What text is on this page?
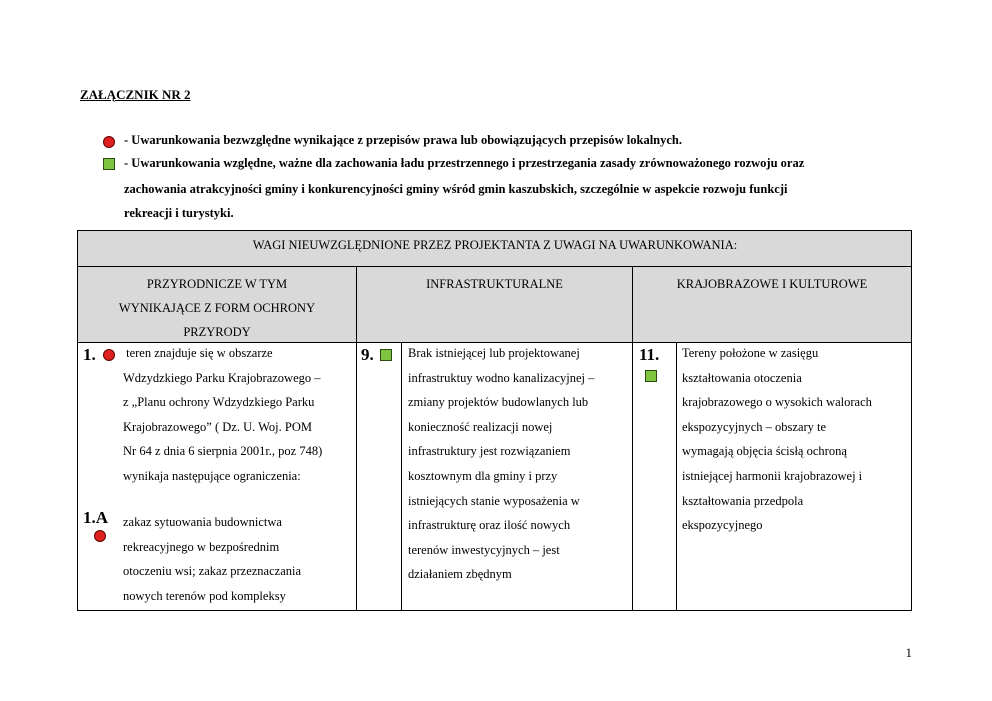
ZAŁĄCZNIK NR 2
- Uwarunkowania bezwzględne wynikające z przepisów prawa lub obowiązujących przepisów lokalnych.
- Uwarunkowania względne, ważne dla zachowania ładu przestrzennego i przestrzegania zasady zrównoważonego rozwoju oraz
zachowania atrakcyjności gminy i konkurencyjności gminy wśród gmin kaszubskich, szczególnie w aspekcie rozwoju funkcji
rekreacji i turystyki.
WAGI NIEUWZGLĘDNIONE PRZEZ PROJEKTANTA Z UWAGI NA UWARUNKOWANIA:
PRZYRODNICZE W TYM
WYNIKAJĄCE Z FORM OCHRONY
PRZYRODY
INFRASTRUKTURALNE	KRAJOBRAZOWE I KULTUROWE
1. teren znajduje się w obszarze
Wdzydzkiego Parku Krajobrazowego –
z „Planu ochrony Wdzydzkiego Parku
Krajobrazowego” ( Dz. U. Woj. POM
Nr 64 z dnia 6 sierpnia 2001r., poz 748)
wynikaja następujące ograniczenia:
1.A zakaz sytuowania budownictwa
rekreacyjnego w bezpośrednim
otoczeniu wsi; zakaz przeznaczania
nowych terenów pod kompleksy
9.	Brak istniejącej lub projektowanej
infrastruktuy wodno kanalizacyjnej –
zmiany projektów budowlanych lub
konieczność realizacji nowej
infrastruktury jest rozwiązaniem
kosztownym dla gminy i przy
istniejących stanie wyposażenia w
infrastrukturę oraz ilość nowych
terenów inwestycyjnych – jest
działaniem zbędnym
11. Tereny położone w zasięgu
kształtowania otoczenia
krajobrazowego o wysokich walorach
ekspozycyjnych – obszary te
wymagają objęcia ścisłą ochroną
istniejącej harmonii krajobrazowej i
kształtowania przedpola
ekspozycyjnego
1
